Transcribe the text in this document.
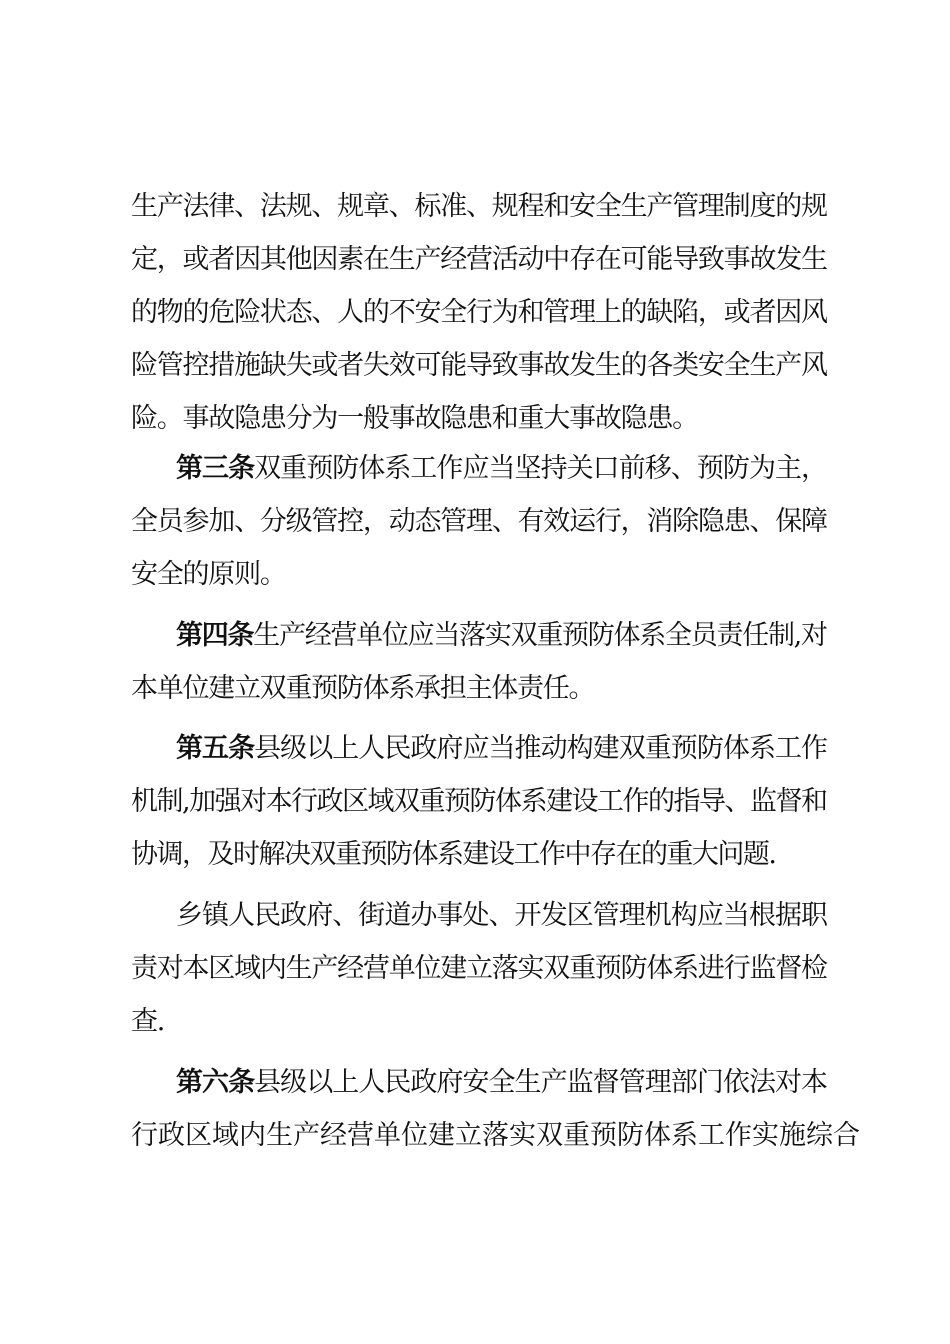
生产法律、法规、规章、标准、规程和安全生产管理制度的规
定，或者因其他因素在生产经营活动中存在可能导致事故发生
的物的危险状态、人的不安全行为和管理上的缺陷，或者因风
险管控措施缺失或者失效可能导致事故发生的各类安全生产风
险。事故隐患分为一般事故隐患和重大事故隐患。
第三条双重预防体系工作应当坚持关口前移、预防为主，
全员参加、分级管控，动态管理、有效运行，消除隐患、保障
安全的原则。
第四条生产经营单位应当落实双重预防体系全员责任制,对
本单位建立双重预防体系承担主体责任。
第五条县级以上人民政府应当推动构建双重预防体系工作
机制,加强对本行政区域双重预防体系建设工作的指导、监督和
协调，及时解决双重预防体系建设工作中存在的重大问题.
乡镇人民政府、街道办事处、开发区管理机构应当根据职
责对本区域内生产经营单位建立落实双重预防体系进行监督检
查.
第六条县级以上人民政府安全生产监督管理部门依法对本
行政区域内生产经营单位建立落实双重预防体系工作实施综合
